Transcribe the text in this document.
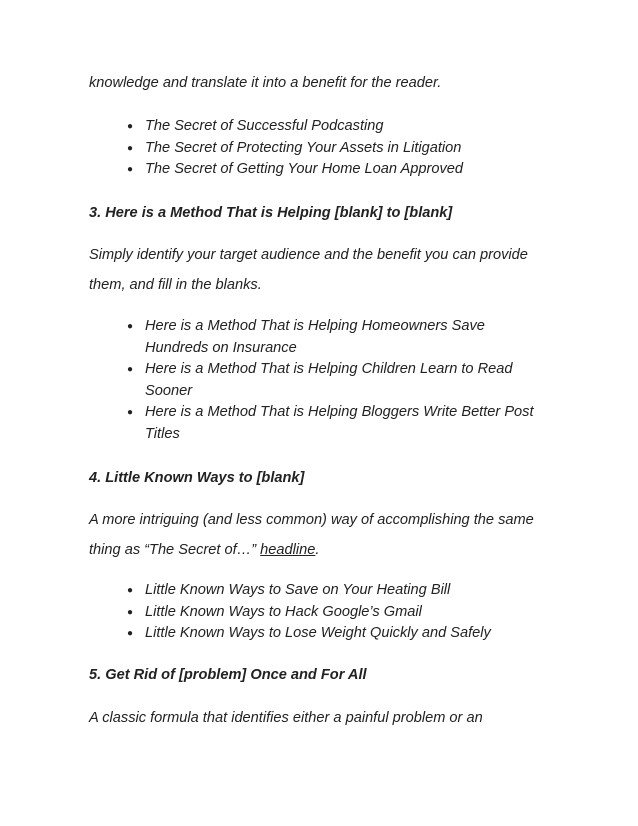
knowledge and translate it into a benefit for the reader.

● The Secret of Successful Podcasting
● The Secret of Protecting Your Assets in Litigation
● The Secret of Getting Your Home Loan Approved
3. Here is a Method That is Helping [blank] to [blank]

Simply identify your target audience and the benefit you can provide
them, and fill in the blanks.

● Here is a Method That is Helping Homeowners Save
Hundreds on Insurance
● Here is a Method That is Helping Children Learn to Read
Sooner
● Here is a Method That is Helping Bloggers Write Better Post
Titles
4. Little Known Ways to [blank]

A more intriguing (and less common) way of accomplishing the same
thing as “The Secret of…” headline.

● Little Known Ways to Save on Your Heating Bill
● Little Known Ways to Hack Google’s Gmail
● Little Known Ways to Lose Weight Quickly and Safely
5. Get Rid of [problem] Once and For All

A classic formula that identifies either a painful problem or an
